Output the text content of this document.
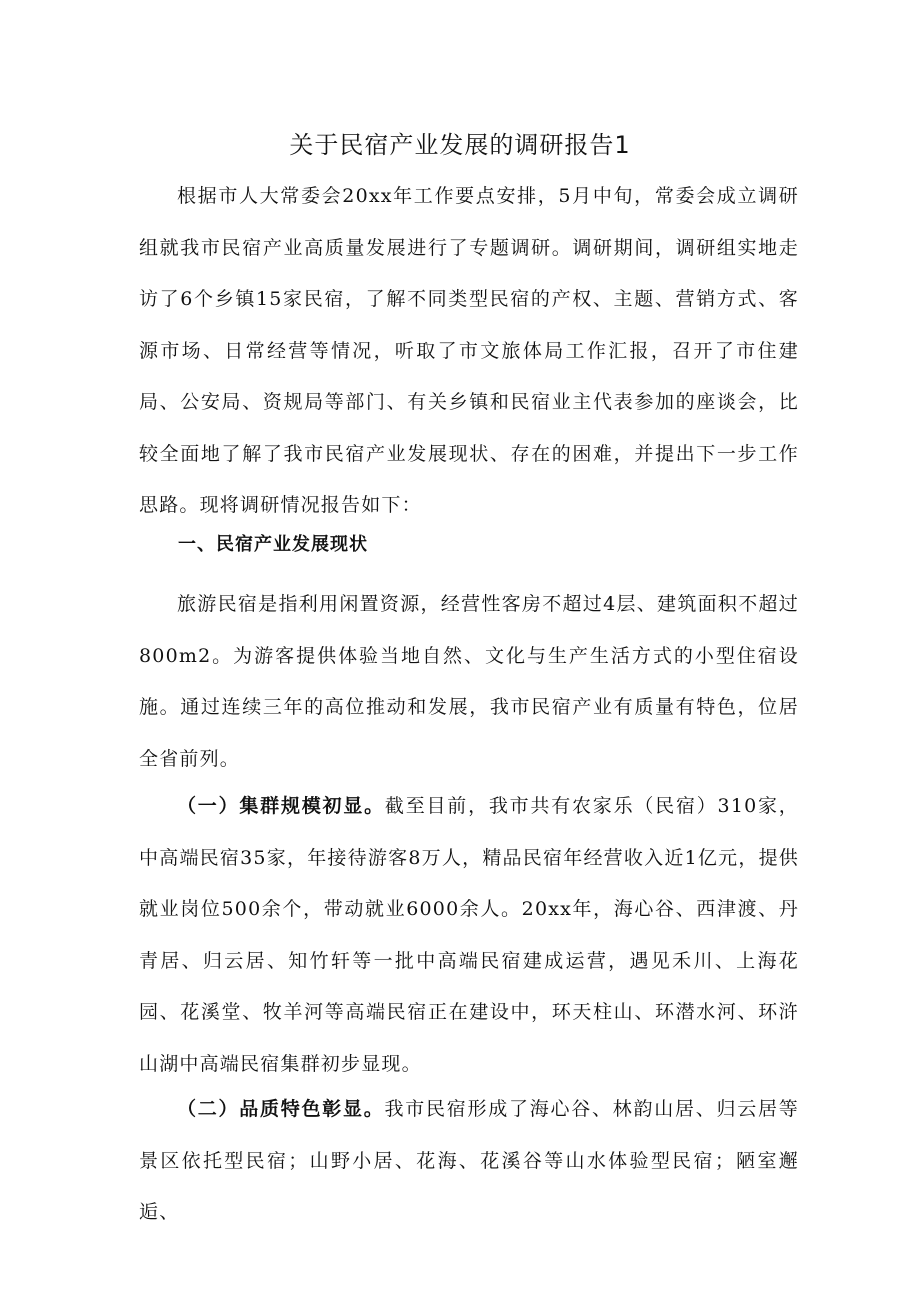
关于民宿产业发展的调研报告1

根据市人大常委会20xx年工作要点安排，5月中旬，常委会成立调研组就我市民宿产业高质量发展进行了专题调研。调研期间，调研组实地走访了6个乡镇15家民宿，了解不同类型民宿的产权、主题、营销方式、客源市场、日常经营等情况，听取了市文旅体局工作汇报，召开了市住建局、公安局、资规局等部门、有关乡镇和民宿业主代表参加的座谈会，比较全面地了解了我市民宿产业发展现状、存在的困难，并提出下一步工作思路。现将调研情况报告如下：

一、民宿产业发展现状

旅游民宿是指利用闲置资源，经营性客房不超过4层、建筑面积不超过800m2。为游客提供体验当地自然、文化与生产生活方式的小型住宿设施。通过连续三年的高位推动和发展，我市民宿产业有质量有特色，位居全省前列。

（一）集群规模初显。截至目前，我市共有农家乐（民宿）310家，中高端民宿35家，年接待游客8万人，精品民宿年经营收入近1亿元，提供就业岗位500余个，带动就业6000余人。20xx年，海心谷、西津渡、丹青居、归云居、知竹轩等一批中高端民宿建成运营，遇见禾川、上海花园、花溪堂、牧羊河等高端民宿正在建设中，环天柱山、环潜水河、环浒山湖中高端民宿集群初步显现。

（二）品质特色彰显。我市民宿形成了海心谷、林韵山居、归云居等景区依托型民宿；山野小居、花海、花溪谷等山水体验型民宿；陋室邂逅、
